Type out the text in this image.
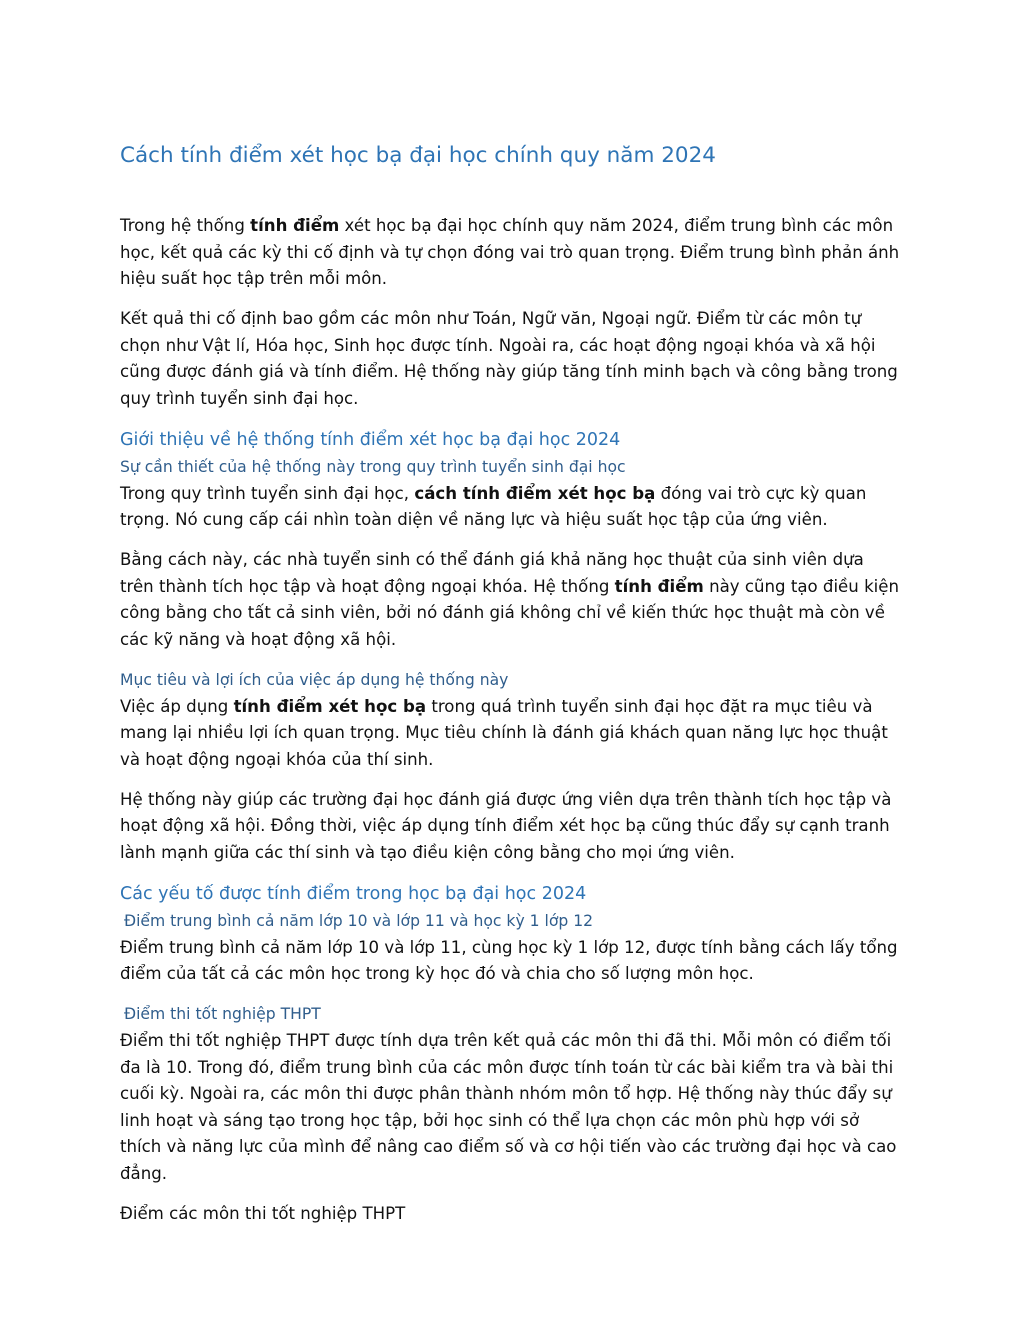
Cách tính điểm xét học bạ đại học chính quy năm 2024

Trong hệ thống tính điểm xét học bạ đại học chính quy năm 2024, điểm trung bình các môn học, kết quả các kỳ thi cố định và tự chọn đóng vai trò quan trọng. Điểm trung bình phản ánh hiệu suất học tập trên mỗi môn.

Kết quả thi cố định bao gồm các môn như Toán, Ngữ văn, Ngoại ngữ. Điểm từ các môn tự chọn như Vật lí, Hóa học, Sinh học được tính. Ngoài ra, các hoạt động ngoại khóa và xã hội cũng được đánh giá và tính điểm. Hệ thống này giúp tăng tính minh bạch và công bằng trong quy trình tuyển sinh đại học.

Giới thiệu về hệ thống tính điểm xét học bạ đại học 2024
Sự cần thiết của hệ thống này trong quy trình tuyển sinh đại học

Trong quy trình tuyển sinh đại học, cách tính điểm xét học bạ đóng vai trò cực kỳ quan trọng. Nó cung cấp cái nhìn toàn diện về năng lực và hiệu suất học tập của ứng viên.

Bằng cách này, các nhà tuyển sinh có thể đánh giá khả năng học thuật của sinh viên dựa trên thành tích học tập và hoạt động ngoại khóa. Hệ thống tính điểm này cũng tạo điều kiện công bằng cho tất cả sinh viên, bởi nó đánh giá không chỉ về kiến thức học thuật mà còn về các kỹ năng và hoạt động xã hội.

Mục tiêu và lợi ích của việc áp dụng hệ thống này

Việc áp dụng tính điểm xét học bạ trong quá trình tuyển sinh đại học đặt ra mục tiêu và mang lại nhiều lợi ích quan trọng. Mục tiêu chính là đánh giá khách quan năng lực học thuật và hoạt động ngoại khóa của thí sinh.

Hệ thống này giúp các trường đại học đánh giá được ứng viên dựa trên thành tích học tập và hoạt động xã hội. Đồng thời, việc áp dụng tính điểm xét học bạ cũng thúc đẩy sự cạnh tranh lành mạnh giữa các thí sinh và tạo điều kiện công bằng cho mọi ứng viên.

Các yếu tố được tính điểm trong học bạ đại học 2024
Điểm trung bình cả năm lớp 10 và lớp 11 và học kỳ 1 lớp 12

Điểm trung bình cả năm lớp 10 và lớp 11, cùng học kỳ 1 lớp 12, được tính bằng cách lấy tổng điểm của tất cả các môn học trong kỳ học đó và chia cho số lượng môn học.

Điểm thi tốt nghiệp THPT

Điểm thi tốt nghiệp THPT được tính dựa trên kết quả các môn thi đã thi. Mỗi môn có điểm tối đa là 10. Trong đó, điểm trung bình của các môn được tính toán từ các bài kiểm tra và bài thi cuối kỳ. Ngoài ra, các môn thi được phân thành nhóm môn tổ hợp. Hệ thống này thúc đẩy sự linh hoạt và sáng tạo trong học tập, bởi học sinh có thể lựa chọn các môn phù hợp với sở thích và năng lực của mình để nâng cao điểm số và cơ hội tiến vào các trường đại học và cao đẳng.

Điểm các môn thi tốt nghiệp THPT
